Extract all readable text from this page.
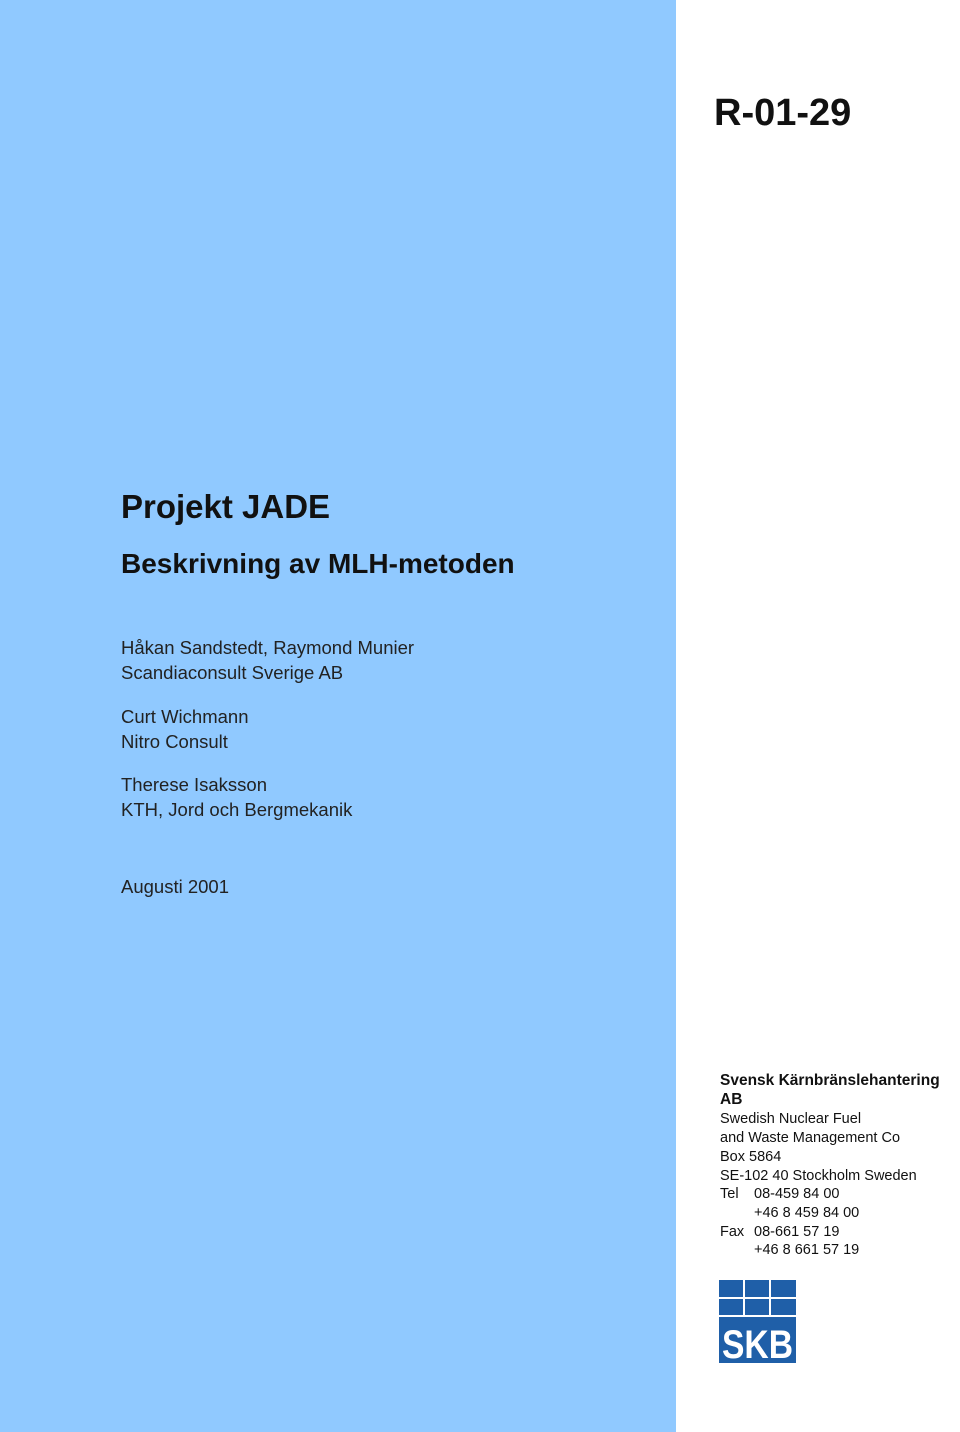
R-01-29
Projekt JADE
Beskrivning av MLH-metoden
Håkan Sandstedt, Raymond Munier
Scandiaconsult Sverige AB
Curt Wichmann
Nitro Consult
Therese Isaksson
KTH, Jord och Bergmekanik
Augusti 2001
Svensk Kärnbränslehantering AB
Swedish Nuclear Fuel
and Waste Management Co
Box 5864
SE-102 40 Stockholm Sweden
Tel 08-459 84 00
+46 8 459 84 00
Fax 08-661 57 19
+46 8 661 57 19
SKB
